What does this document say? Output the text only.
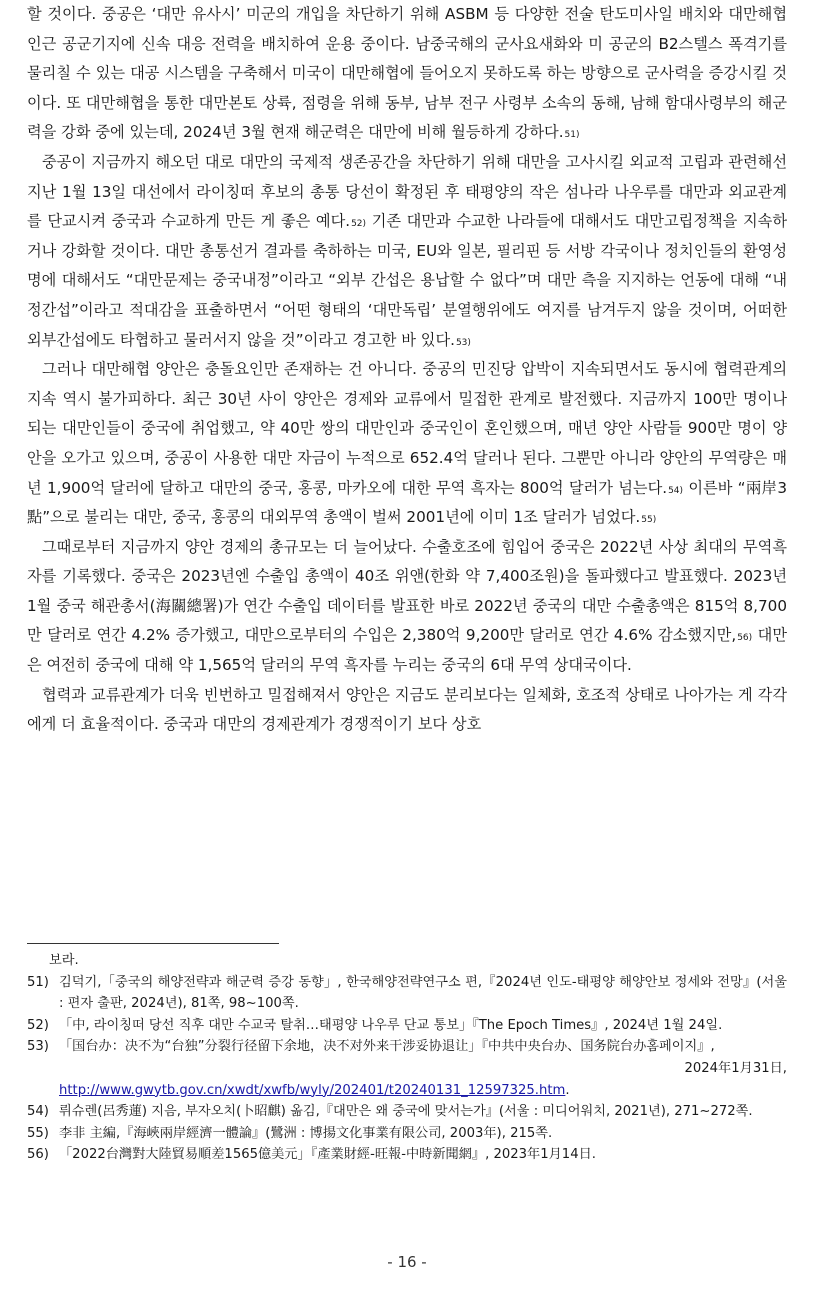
할 것이다. 중공은 ‘대만 유사시’ 미군의 개입을 차단하기 위해 ASBM 등 다양한 전술 탄도미사일 배치와 대만해협 인근 공군기지에 신속 대응 전력을 배치하여 운용 중이다. 남중국해의 군사요새화와 미 공군의 B2스텔스 폭격기를 물리칠 수 있는 대공 시스템을 구축해서 미국이 대만해협에 들어오지 못하도록 하는 방향으로 군사력을 증강시킬 것이다. 또 대만해협을 통한 대만본토 상륙, 점령을 위해 동부, 남부 전구 사령부 소속의 동해, 남해 함대사령부의 해군력을 강화 중에 있는데, 2024년 3월 현재 해군력은 대만에 비해 월등하게 강하다.$^{51)}$

중공이 지금까지 해오던 대로 대만의 국제적 생존공간을 차단하기 위해 대만을 고사시킬 외교적 고립과 관련해선 지난 1월 13일 대선에서 라이칭떠 후보의 총통 당선이 확정된 후 태평양의 작은 섬나라 나우루를 대만과 외교관계를 단교시켜 중국과 수교하게 만든 게 좋은 예다.$^{52)}$ 기존 대만과 수교한 나라들에 대해서도 대만고립정책을 지속하거나 강화할 것이다. 대만 총통선거 결과를 축하하는 미국, EU와 일본, 필리핀 등 서방 각국이나 정치인들의 환영성명에 대해서도 “대만문제는 중국내정”이라고 “외부 간섭은 용납할 수 없다”며 대만 측을 지지하는 언동에 대해 “내정간섭”이라고 적대감을 표출하면서 “어떤 형태의 ‘대만독립’ 분열행위에도 여지를 남겨두지 않을 것이며, 어떠한 외부간섭에도 타협하고 물러서지 않을 것”이라고 경고한 바 있다.$^{53)}$

그러나 대만해협 양안은 충돌요인만 존재하는 건 아니다. 중공의 민진당 압박이 지속되면서도 동시에 협력관계의 지속 역시 불가피하다. 최근 30년 사이 양안은 경제와 교류에서 밀접한 관계로 발전했다. 지금까지 100만 명이나 되는 대만인들이 중국에 취업했고, 약 40만 쌍의 대만인과 중국인이 혼인했으며, 매년 양안 사람들 900만 명이 양안을 오가고 있으며, 중공이 사용한 대만 자금이 누적으로 652.4억 달러나 된다. 그뿐만 아니라 양안의 무역량은 매년 1,900억 달러에 달하고 대만의 중국, 홍콩, 마카오에 대한 무역 흑자는 800억 달러가 넘는다.$^{54)}$ 이른바 “兩岸3點”으로 불리는 대만, 중국, 홍콩의 대외무역 총액이 벌써 2001년에 이미 1조 달러가 넘었다.$^{55)}$

그때로부터 지금까지 양안 경제의 총규모는 더 늘어났다. 수출호조에 힘입어 중국은 2022년 사상 최대의 무역흑자를 기록했다. 중국은 2023년엔 수출입 총액이 40조 위앤(한화 약 7,400조원)을 돌파했다고 발표했다. 2023년 1월 중국 해관총서(海關總署)가 연간 수출입 데이터를 발표한 바로 2022년 중국의 대만 수출총액은 815억 8,700만 달러로 연간 4.2% 증가했고, 대만으로부터의 수입은 2,380억 9,200만 달러로 연간 4.6% 감소했지만,$^{56)}$ 대만은 여전히 중국에 대해 약 1,565억 달러의 무역 흑자를 누리는 중국의 6대 무역 상대국이다.

협력과 교류관계가 더욱 빈번하고 밀접해져서 양안은 지금도 분리보다는 일체화, 호조적 상태로 나아가는 게 각각에게 더 효율적이다. 중국과 대만의 경제관계가 경쟁적이기 보다 상호

보라.

51) 김덕기,「중국의 해양전략과 해군력 증강 동향」, 한국해양전략연구소 편,『2024년 인도-태평양 해양안보 정세와 전망』(서울 : 편자 출판, 2024년), 81쪽, 98~100쪽.

52) 「中, 라이칭떠 당선 직후 대만 수교국 탈취…태평양 나우루 단교 통보」『The Epoch Times』, 2024년 1월 24일.

53) 「国台办：决不为“台独”分裂行径留下余地，决不对外来干涉妥协退让」『中共中央台办、国务院台办홈페이지』,
2024年1月31日,
http://www.gwytb.gov.cn/xwdt/xwfb/wyly/202401/t20240131_12597325.htm.

54) 뤼슈렌(呂秀蓮) 지음, 부자오치(卜昭麒) 옮김,『대만은 왜 중국에 맞서는가』(서울 : 미디어워치, 2021년), 271~272쪽.

55) 李非 主編,『海峽兩岸經濟一體論』(鷺洲 : 博揚文化事業有限公司, 2003年), 215쪽.

56) 「2022台灣對大陸貿易順差1565億美元」『產業財經-旺報-中時新聞網』, 2023年1月14日.

- 16 -
